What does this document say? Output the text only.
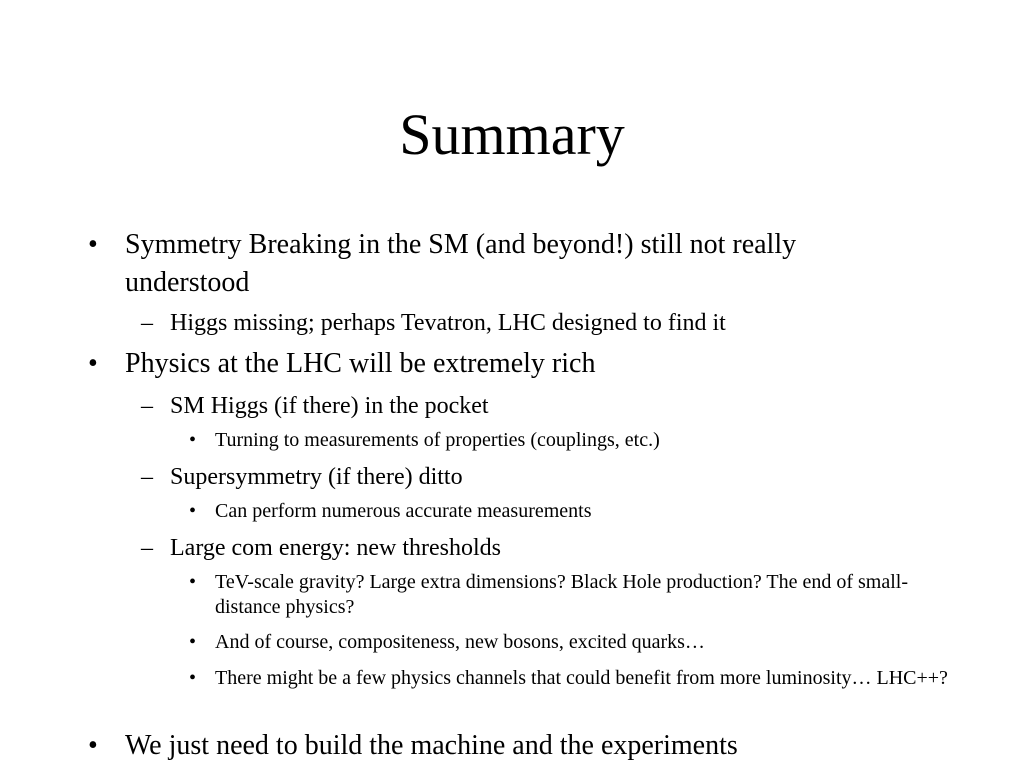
Summary
• Symmetry Breaking in the SM (and beyond!) still not really understood
– Higgs missing; perhaps Tevatron, LHC designed to find it
• Physics at the LHC will be extremely rich
– SM Higgs (if there) in the pocket
• Turning to measurements of properties (couplings, etc.)
– Supersymmetry (if there) ditto
• Can perform numerous accurate measurements
– Large com energy: new thresholds
• TeV-scale gravity? Large extra dimensions? Black Hole production? The end of small-distance physics?
• And of course, compositeness, new bosons, excited quarks…
• There might be a few physics channels that could benefit from more luminosity… LHC++?
• We just need to build the machine and the experiments
